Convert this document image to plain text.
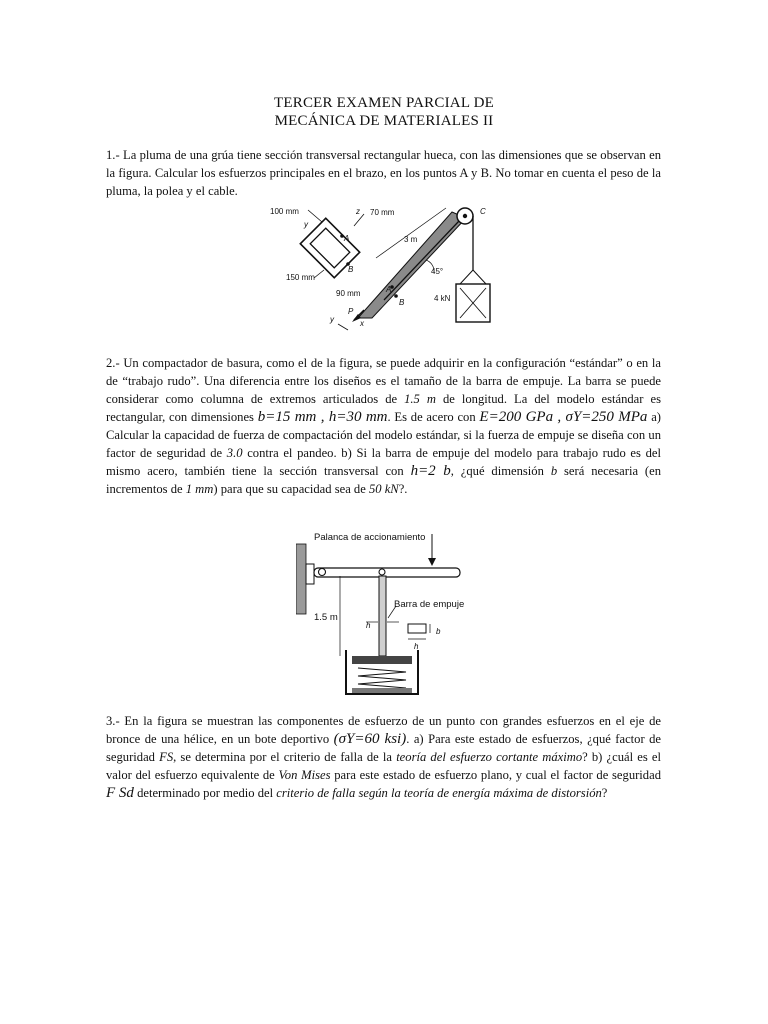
TERCER EXAMEN PARCIAL DE
MECÁNICA DE MATERIALES II
1.- La pluma de una grúa tiene sección transversal rectangular hueca, con las dimensiones que se observan en la figura. Calcular los esfuerzos principales en el brazo, en los puntos A y B. No tomar en cuenta el peso de la pluma, la polea y el cable.
A
B
100 mm	70 mm
150 mm
90 mm
z
y
3 m
A
B
C
45°
4 kN
P
y	x
2.- Un compactador de basura, como el de la figura, se puede adquirir en la configuración “estándar” o en la de “trabajo rudo”. Una diferencia entre los diseños es el tamaño de la barra de empuje. La barra se puede considerar como columna de extremos articulados de 1.5 m de longitud. La del modelo estándar es rectangular, con dimensiones b=15 mm , h=30 mm. Es de acero con E=200 GPa , σY=250 MPa a) Calcular la capacidad de fuerza de compactación del modelo estándar, si la fuerza de empuje se diseña con un factor de seguridad de 3.0 contra el pandeo. b) Si la barra de empuje del modelo para trabajo rudo es del mismo acero, también tiene la sección transversal con h=2 b, ¿qué dimensión b será necesaria (en incrementos de 1 mm) para que su capacidad sea de 50 kN?.
Palanca de accionamiento
Barra de empuje
h
1.5 m
b
h
3.- En la figura se muestran las componentes de esfuerzo de un punto con grandes esfuerzos en el eje de bronce de una hélice, en un bote deportivo (σY=60 ksi). a) Para este estado de esfuerzos, ¿qué factor de seguridad FS, se determina por el criterio de falla de la teoría del esfuerzo cortante máximo? b) ¿cuál es el valor del esfuerzo equivalente de Von Mises para este estado de esfuerzo plano, y cual el factor de seguridad F Sd determinado por medio del criterio de falla según la teoría de energía máxima de distorsión?
